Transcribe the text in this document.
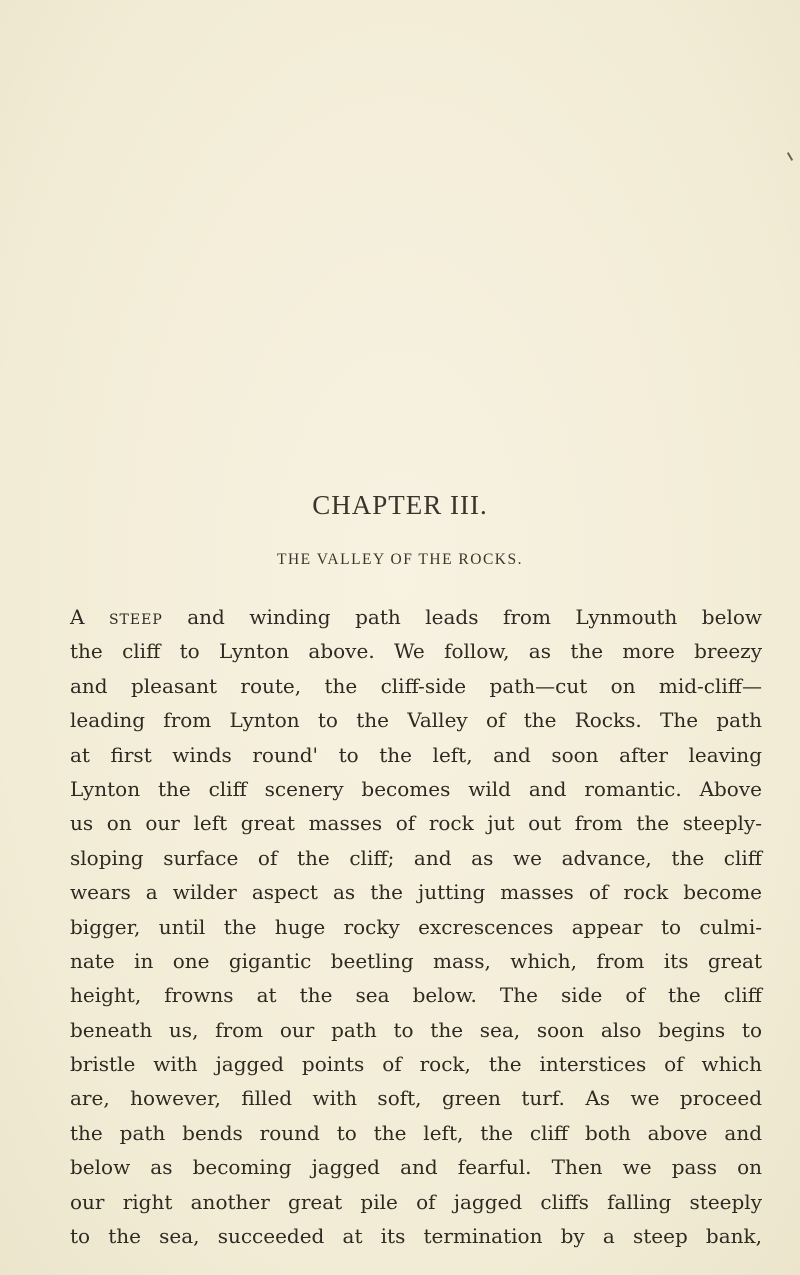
CHAPTER III.
THE VALLEY OF THE ROCKS.
A steep and winding path leads from Lynmouth below
the cliff to Lynton above. We follow, as the more breezy
and pleasant route, the cliff-side path—cut on mid-cliff—
leading from Lynton to the Valley of the Rocks. The path
at first winds round' to the left, and soon after leaving
Lynton the cliff scenery becomes wild and romantic. Above
us on our left great masses of rock jut out from the steeply-
sloping surface of the cliff; and as we advance, the cliff
wears a wilder aspect as the jutting masses of rock become
bigger, until the huge rocky excrescences appear to culmi-
nate in one gigantic beetling mass, which, from its great
height, frowns at the sea below. The side of the cliff
beneath us, from our path to the sea, soon also begins to
bristle with jagged points of rock, the interstices of which
are, however, filled with soft, green turf. As we proceed
the path bends round to the left, the cliff both above and
below as becoming jagged and fearful. Then we pass on
our right another great pile of jagged cliffs falling steeply
to the sea, succeeded at its termination by a steep bank,
